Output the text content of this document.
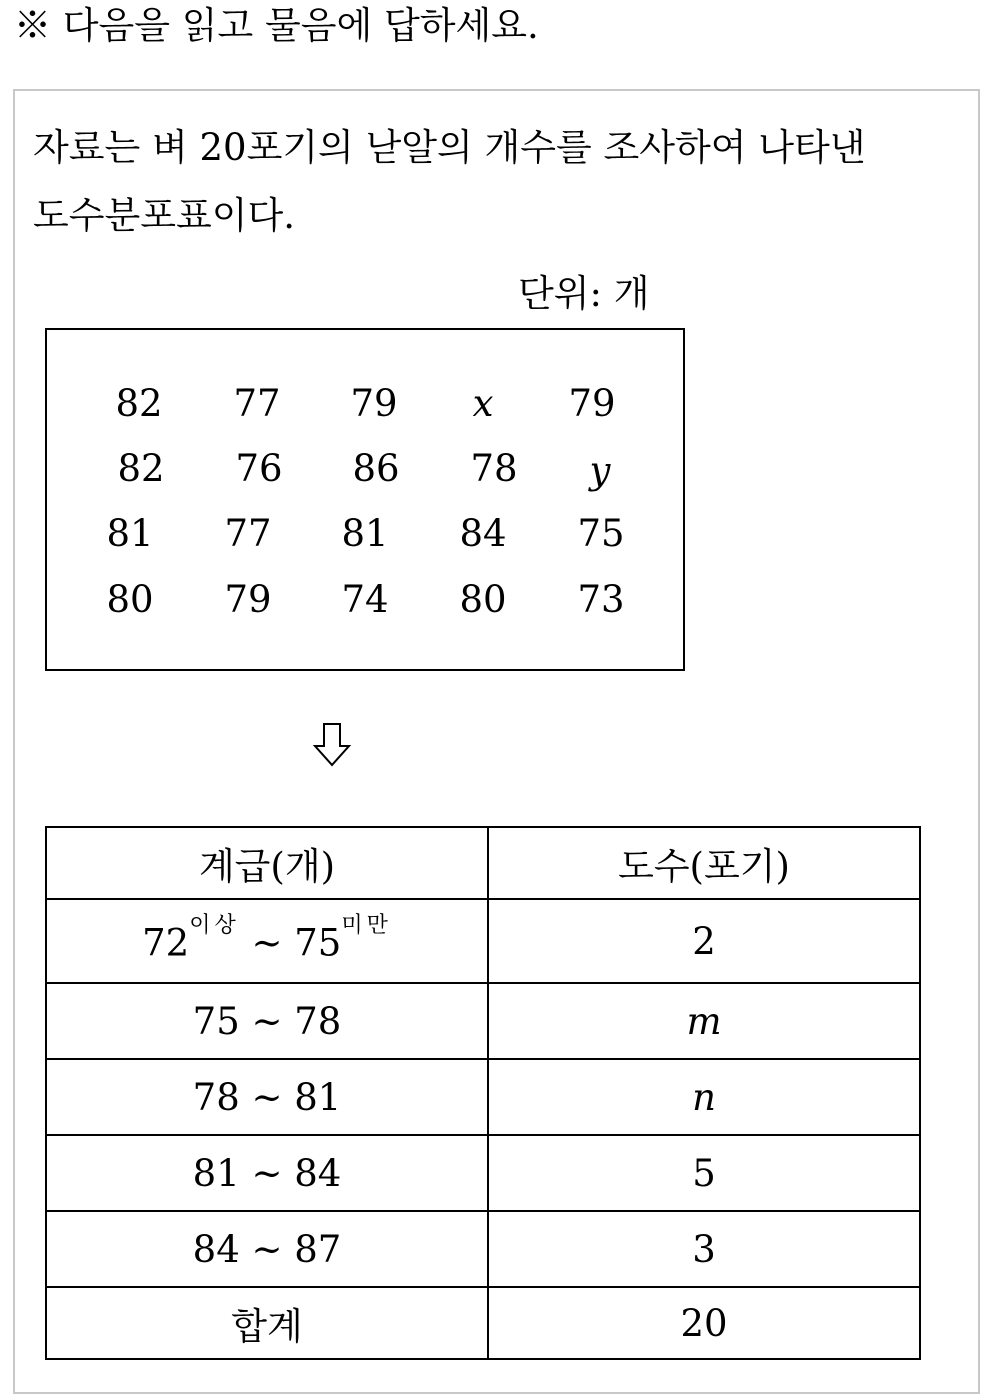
※ 다음을 읽고 물음에 답하세요.
자료는 벼 20포기의 낟알의 개수를 조사하여 나타낸
도수분포표이다.
단위: 개
82	77	79	x	79
82	76	86	78	y
81	77	81	84	75
80	79	74	80	73
계급(개)	도수(포기)
$72^{이상}$ ~ $75^{미만}$	2
75 ~ 78	m
78 ~ 81	n
81 ~ 84	5
84 ~ 87	3
합계	20
